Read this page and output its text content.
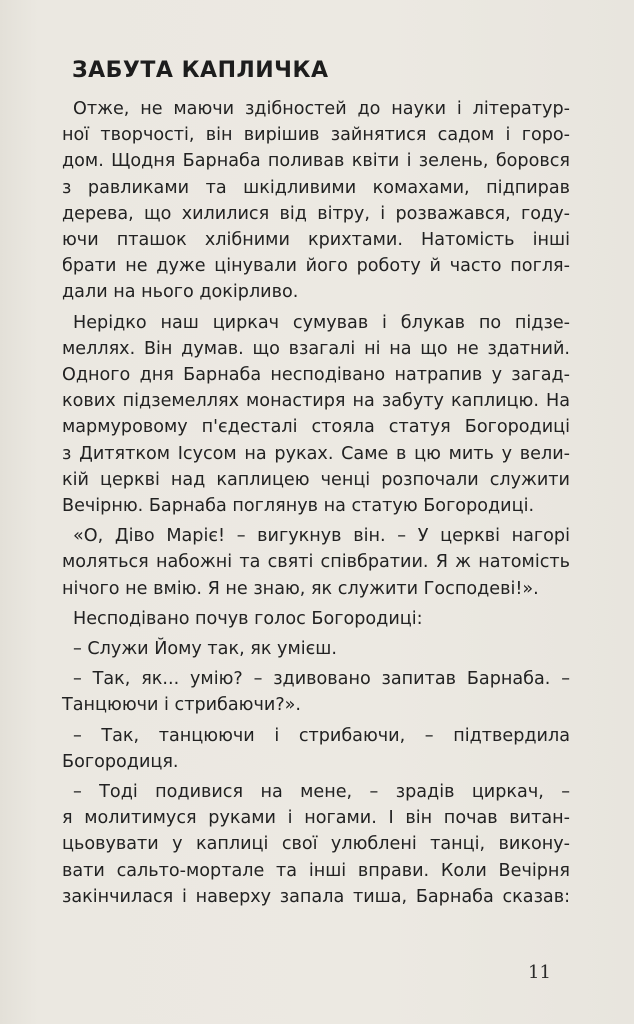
ЗАБУТА КАПЛИЧКА

Отже, не маючи здібностей до науки і літератур-
ної творчості, він вирішив зайнятися садом і горо-
дом. Щодня Барнаба поливав квіти і зелень, боровся
з равликами та шкідливими комахами, підпирав
дерева, що хилилися від вітру, і розважався, году-
ючи пташок хлібними крихтами. Натомість інші
брати не дуже цінували його роботу й часто погля-
дали на нього докірливо.

Нерідко наш циркач сумував і блукав по підзе-
меллях. Він думав. що взагалі ні на що не здатний.
Одного дня Барнаба несподівано натрапив у загад-
кових підземеллях монастиря на забуту каплицю. На
мармуровому п'єдесталі стояла статуя Богородиці
з Дитятком Ісусом на руках. Саме в цю мить у вели-
кій церкві над каплицею ченці розпочали служити
Вечірню. Барнаба поглянув на статую Богородиці.

«О, Діво Маріє! – вигукнув він. – У церкві нагорі
моляться набожні та святі співбратии. Я ж натомість
нічого не вмію. Я не знаю, як служити Господеві!».

Несподівано почув голос Богородиці:

– Служи Йому так, як умієш.

– Так, як... умію? – здивовано запитав Барнаба. –
Танцюючи і стрибаючи?».

– Так, танцюючи і стрибаючи, – підтвердила
Богородиця.

– Тоді подивися на мене, – зрадів циркач, –
я молитимуся руками і ногами. І він почав витан-
цьовувати у каплиці свої улюблені танці, викону-
вати сальто-мортале та інші вправи. Коли Вечірня
закінчилася і наверху запала тиша, Барнаба сказав:

11
